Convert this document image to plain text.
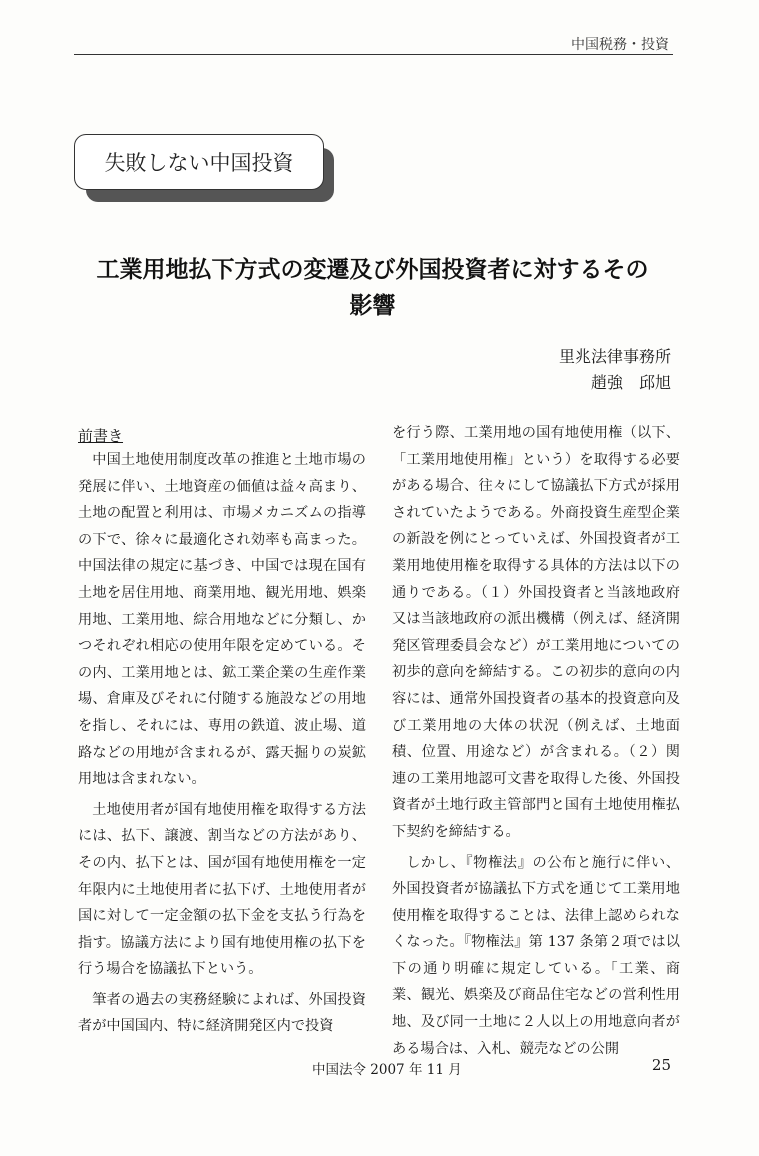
中国税務・投資
失敗しない中国投資
工業用地払下方式の変遷及び外国投資者に対するその
影響
里兆法律事務所
趙強　邱旭
前書き

中国土地使用制度改革の推進と土地市場の発展に伴い、土地資産の価値は益々高まり、土地の配置と利用は、市場メカニズムの指導の下で、徐々に最適化され効率も高まった。中国法律の規定に基づき、中国では現在国有土地を居住用地、商業用地、観光用地、娯楽用地、工業用地、綜合用地などに分類し、かつそれぞれ相応の使用年限を定めている。その内、工業用地とは、鉱工業企業の生産作業場、倉庫及びそれに付随する施設などの用地を指し、それには、専用の鉄道、波止場、道路などの用地が含まれるが、露天掘りの炭鉱用地は含まれない。

土地使用者が国有地使用権を取得する方法には、払下、譲渡、割当などの方法があり、その内、払下とは、国が国有地使用権を一定年限内に土地使用者に払下げ、土地使用者が国に対して一定金額の払下金を支払う行為を指す。協議方法により国有地使用権の払下を行う場合を協議払下という。

筆者の過去の実務経験によれば、外国投資者が中国国内、特に経済開発区内で投資

を行う際、工業用地の国有地使用権（以下、「工業用地使用権」という）を取得する必要がある場合、往々にして協議払下方式が採用されていたようである。外商投資生産型企業の新設を例にとっていえば、外国投資者が工業用地使用権を取得する具体的方法は以下の通りである。（１）外国投資者と当該地政府又は当該地政府の派出機構（例えば、経済開発区管理委員会など）が工業用地についての初歩的意向を締結する。この初歩的意向の内容には、通常外国投資者の基本的投資意向及び工業用地の大体の状況（例えば、土地面積、位置、用途など）が含まれる。（２）関連の工業用地認可文書を取得した後、外国投資者が土地行政主管部門と国有土地使用権払下契約を締結する。

しかし、『物権法』の公布と施行に伴い、外国投資者が協議払下方式を通じて工業用地使用権を取得することは、法律上認められなくなった。『物権法』第 137 条第２項では以下の通り明確に規定している。「工業、商業、観光、娯楽及び商品住宅などの営利性用地、及び同一土地に２人以上の用地意向者がある場合は、入札、競売などの公開

中国法令 2007 年 11 月	25
